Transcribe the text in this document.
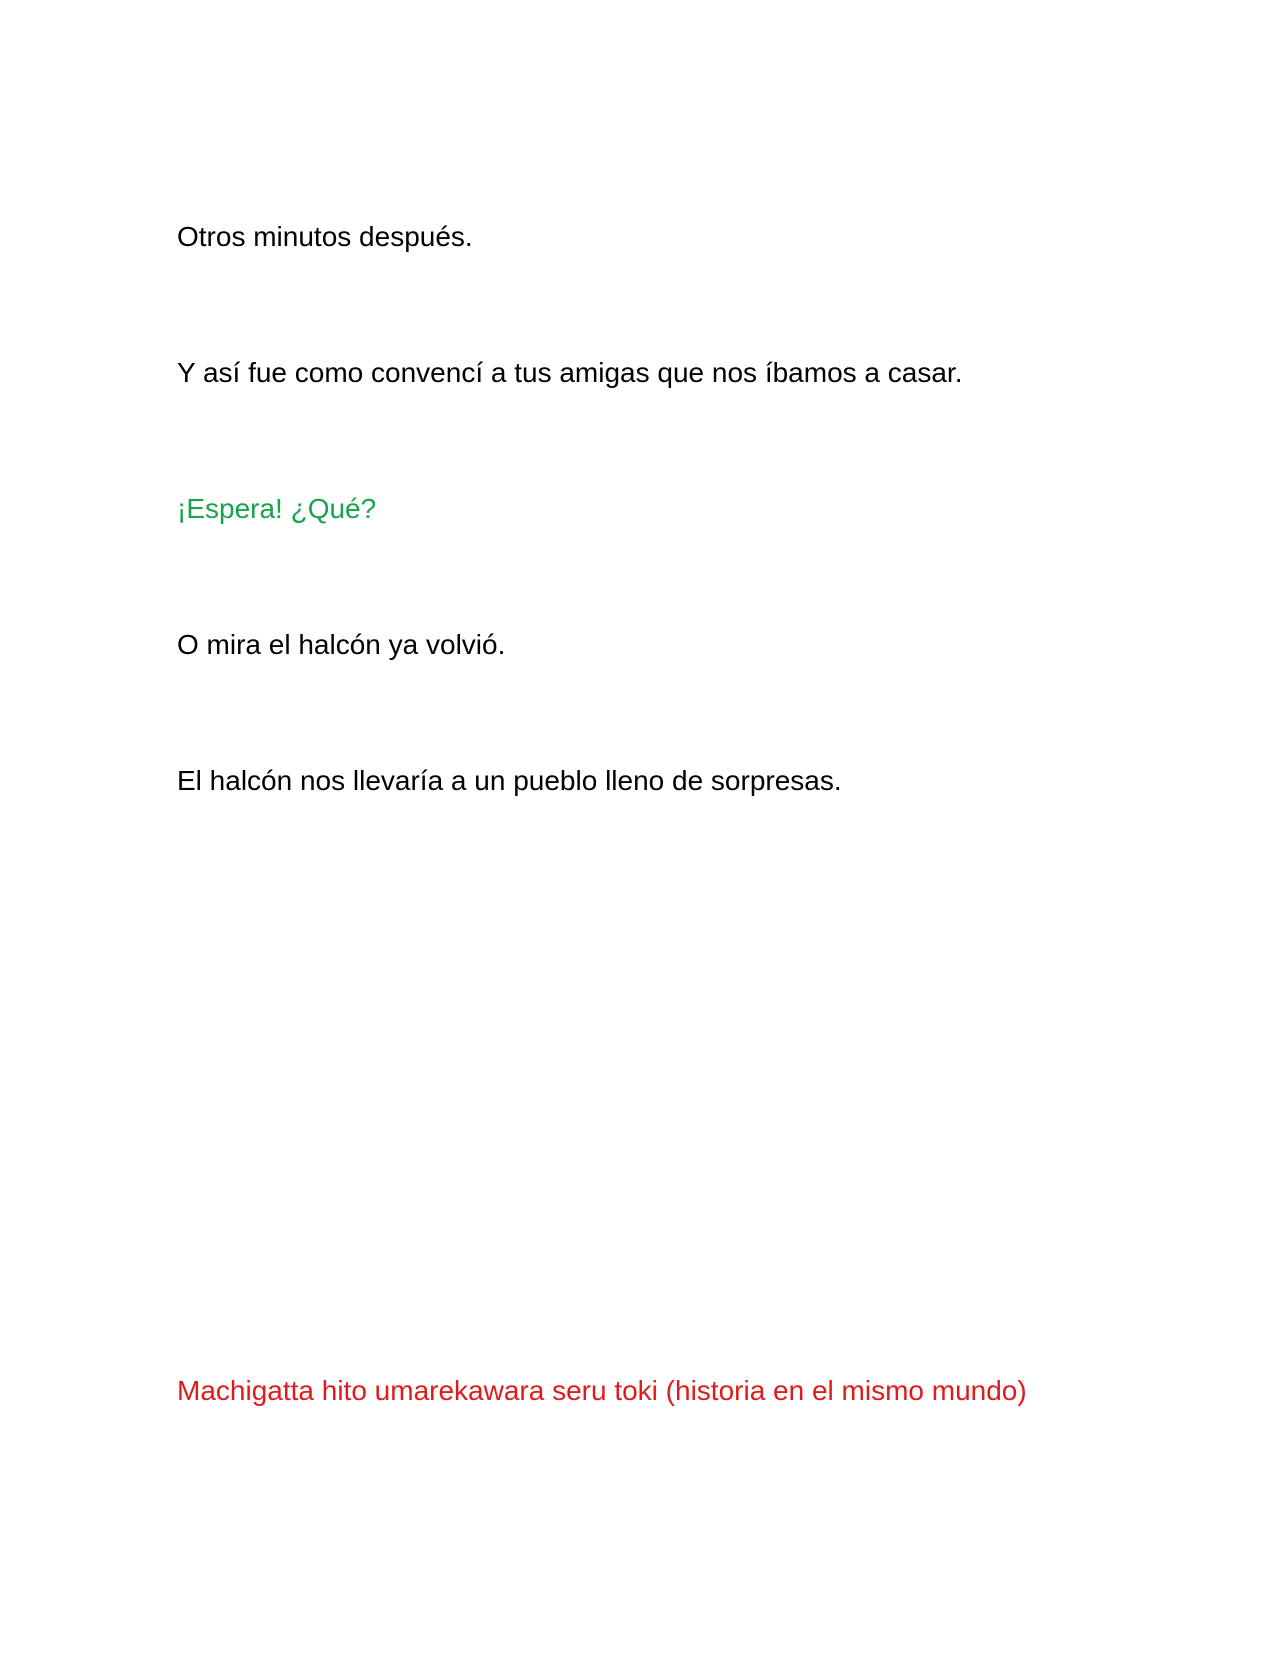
Otros minutos después.

Y así fue como convencí a tus amigas que nos íbamos a casar.

¡Espera! ¿Qué?

O mira el halcón ya volvió.

El halcón nos llevaría a un pueblo lleno de sorpresas.

Machigatta hito umarekawara seru toki (historia en el mismo mundo)
